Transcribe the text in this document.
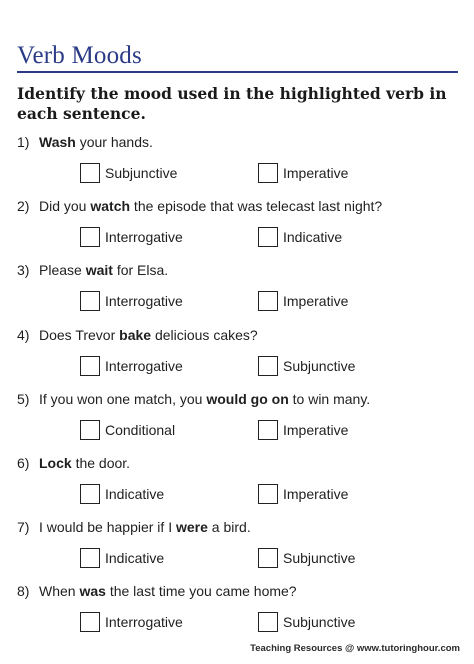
Verb Moods
Identify the mood used in the highlighted verb in each sentence.
1) Wash your hands.
Subjunctive	Imperative
2) Did you watch the episode that was telecast last night?
Interrogative	Indicative
3) Please wait for Elsa.
Interrogative	Imperative
4) Does Trevor bake delicious cakes?
Interrogative	Subjunctive
5) If you won one match, you would go on to win many.
Conditional	Imperative
6) Lock the door.
Indicative	Imperative
7) I would be happier if I were a bird.
Indicative	Subjunctive
8) When was the last time you came home?
Interrogative	Subjunctive
Teaching Resources @ www.tutoringhour.com
